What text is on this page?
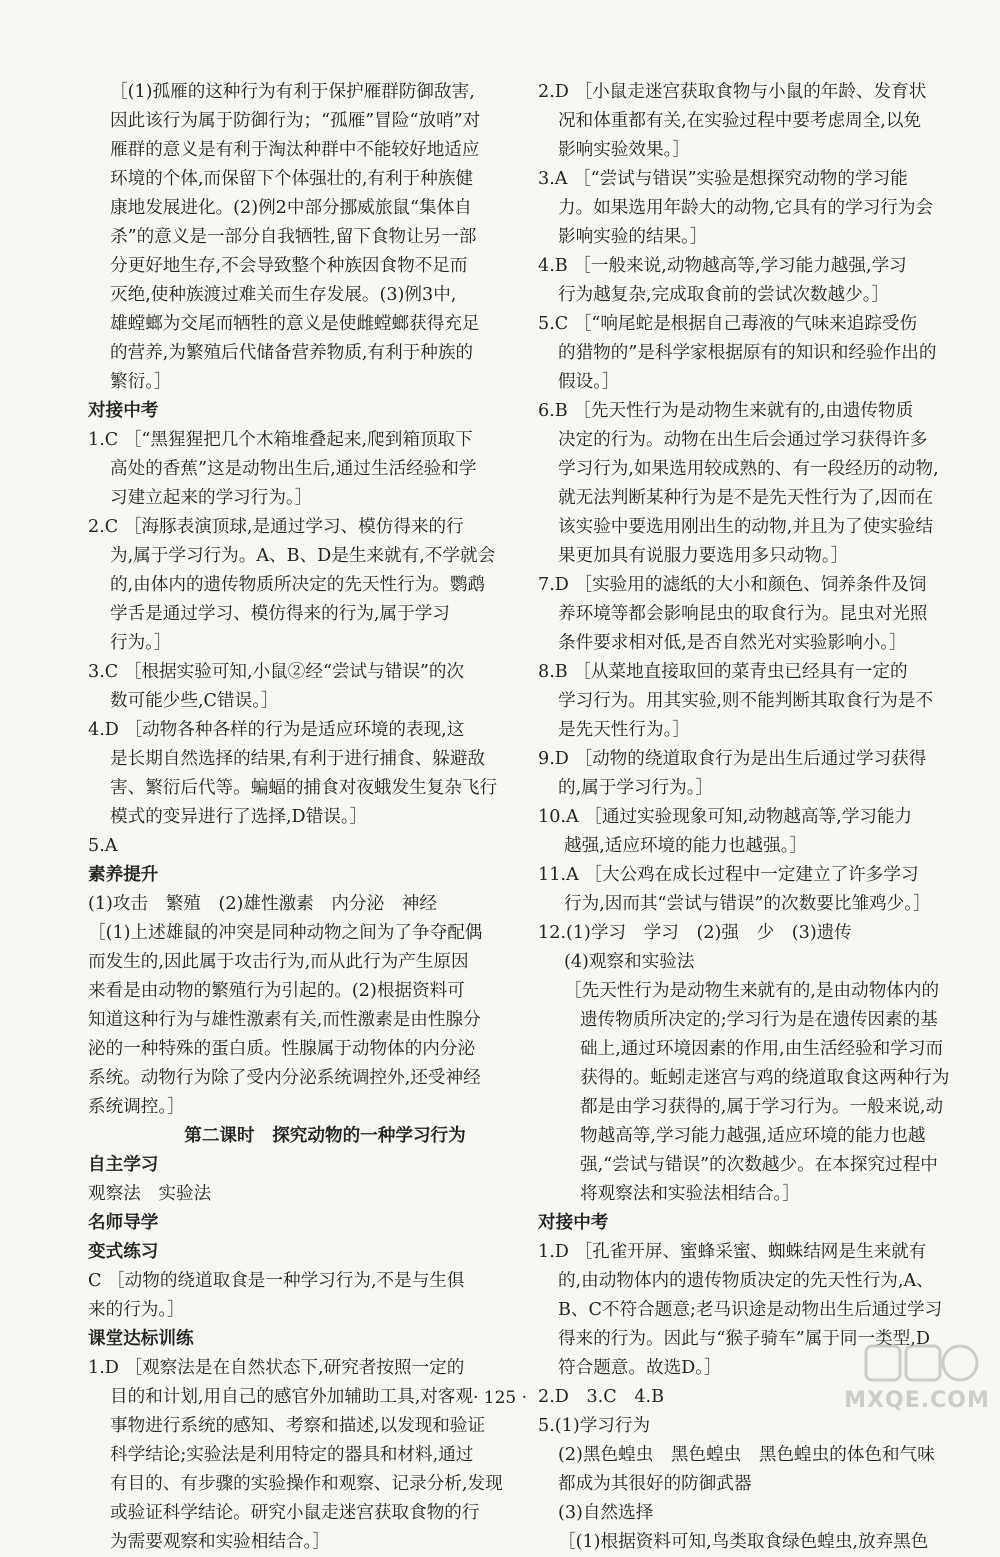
［(1)孤雁的这种行为有利于保护雁群防御敌害,
因此该行为属于防御行为；“孤雁”冒险“放哨”对
雁群的意义是有利于淘汰种群中不能较好地适应
环境的个体,而保留下个体强壮的,有利于种族健
康地发展进化。(2)例2中部分挪威旅鼠“集体自
杀”的意义是一部分自我牺牲,留下食物让另一部
分更好地生存,不会导致整个种族因食物不足而
灭绝,使种族渡过难关而生存发展。(3)例3中,
雄螳螂为交尾而牺牲的意义是使雌螳螂获得充足
的营养,为繁殖后代储备营养物质,有利于种族的
繁衍。］
对接中考
1.C ［“黑猩猩把几个木箱堆叠起来,爬到箱顶取下
高处的香蕉”这是动物出生后,通过生活经验和学
习建立起来的学习行为。］
2.C ［海豚表演顶球,是通过学习、模仿得来的行
为,属于学习行为。A、B、D是生来就有,不学就会
的,由体内的遗传物质所决定的先天性行为。鹦鹉
学舌是通过学习、模仿得来的行为,属于学习
行为。］
3.C ［根据实验可知,小鼠②经“尝试与错误”的次
数可能少些,C错误。］
4.D ［动物各种各样的行为是适应环境的表现,这
是长期自然选择的结果,有利于进行捕食、躲避敌
害、繁衍后代等。蝙蝠的捕食对夜蛾发生复杂飞行
模式的变异进行了选择,D错误。］
5.A
素养提升
(1)攻击　繁殖　(2)雄性激素　内分泌　神经
［(1)上述雄鼠的冲突是同种动物之间为了争夺配偶
而发生的,因此属于攻击行为,而从此行为产生原因
来看是由动物的繁殖行为引起的。(2)根据资料可
知道这种行为与雄性激素有关,而性激素是由性腺分
泌的一种特殊的蛋白质。性腺属于动物体的内分泌
系统。动物行为除了受内分泌系统调控外,还受神经
系统调控。］
第二课时　探究动物的一种学习行为
自主学习
观察法　实验法
名师导学
变式练习
C ［动物的绕道取食是一种学习行为,不是与生俱
来的行为。］
课堂达标训练
1.D ［观察法是在自然状态下,研究者按照一定的
目的和计划,用自己的感官外加辅助工具,对客观
事物进行系统的感知、考察和描述,以发现和验证
科学结论;实验法是利用特定的器具和材料,通过
有目的、有步骤的实验操作和观察、记录分析,发现
或验证科学结论。研究小鼠走迷宫获取食物的行
为需要观察和实验相结合。］
2.D ［小鼠走迷宫获取食物与小鼠的年龄、发育状
况和体重都有关,在实验过程中要考虑周全,以免
影响实验效果。］
3.A ［“尝试与错误”实验是想探究动物的学习能
力。如果选用年龄大的动物,它具有的学习行为会
影响实验的结果。］
4.B ［一般来说,动物越高等,学习能力越强,学习
行为越复杂,完成取食前的尝试次数越少。］
5.C ［“响尾蛇是根据自己毒液的气味来追踪受伤
的猎物的”是科学家根据原有的知识和经验作出的
假设。］
6.B ［先天性行为是动物生来就有的,由遗传物质
决定的行为。动物在出生后会通过学习获得许多
学习行为,如果选用较成熟的、有一段经历的动物,
就无法判断某种行为是不是先天性行为了,因而在
该实验中要选用刚出生的动物,并且为了使实验结
果更加具有说服力要选用多只动物。］
7.D ［实验用的滤纸的大小和颜色、饲养条件及饲
养环境等都会影响昆虫的取食行为。昆虫对光照
条件要求相对低,是否自然光对实验影响小。］
8.B ［从菜地直接取回的菜青虫已经具有一定的
学习行为。用其实验,则不能判断其取食行为是不
是先天性行为。］
9.D ［动物的绕道取食行为是出生后通过学习获得
的,属于学习行为。］
10.A ［通过实验现象可知,动物越高等,学习能力
越强,适应环境的能力也越强。］
11.A ［大公鸡在成长过程中一定建立了许多学习
行为,因而其“尝试与错误”的次数要比雏鸡少。］
12.(1)学习　学习　(2)强　少　(3)遗传
(4)观察和实验法
［先天性行为是动物生来就有的,是由动物体内的
遗传物质所决定的;学习行为是在遗传因素的基
础上,通过环境因素的作用,由生活经验和学习而
获得的。蚯蚓走迷宫与鸡的绕道取食这两种行为
都是由学习获得的,属于学习行为。一般来说,动
物越高等,学习能力越强,适应环境的能力也越
强,“尝试与错误”的次数越少。在本探究过程中
将观察法和实验法相结合。］
对接中考
1.D ［孔雀开屏、蜜蜂采蜜、蜘蛛结网是生来就有
的,由动物体内的遗传物质决定的先天性行为,A、
B、C不符合题意;老马识途是动物出生后通过学习
得来的行为。因此与“猴子骑车”属于同一类型,D
符合题意。故选D。］
2.D　3.C　4.B
5.(1)学习行为
(2)黑色蝗虫　黑色蝗虫　黑色蝗虫的体色和气味
都成为其很好的防御武器
(3)自然选择
［(1)根据资料可知,鸟类取食绿色蝗虫,放弃黑色
· 125 ·	MXQE.COM
